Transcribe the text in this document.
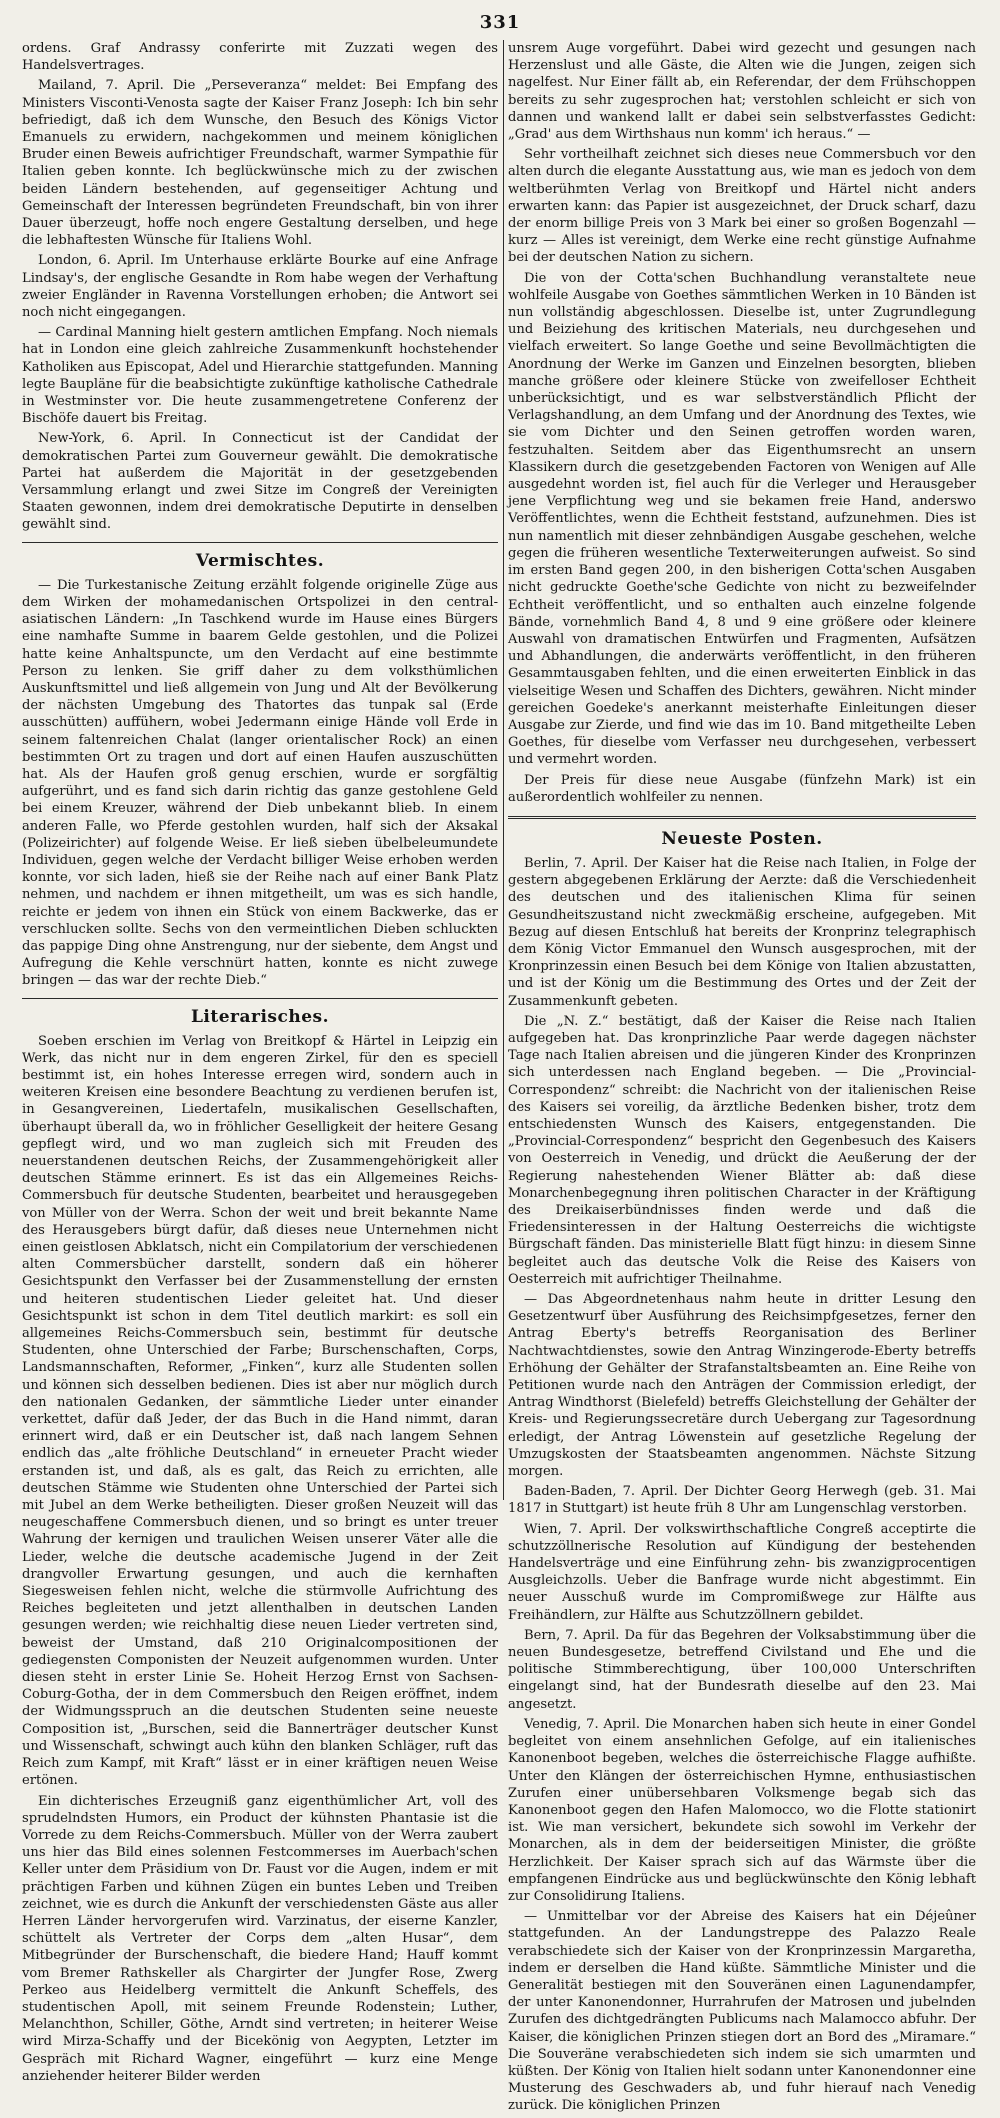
331

ordens. Graf Andrassy conferirte mit Zuzzati wegen des Handelsvertrages.

Mailand, 7. April. Die „Perseveranza“ meldet: Bei Empfang des Ministers Visconti-Venosta sagte der Kaiser Franz Joseph: Ich bin sehr befriedigt, daß ich dem Wunsche, den Besuch des Königs Victor Emanuels zu erwidern, nachgekommen und meinem königlichen Bruder einen Beweis aufrichtiger Freundschaft, warmer Sympathie für Italien geben konnte. Ich beglückwünsche mich zu der zwischen beiden Ländern bestehenden, auf gegenseitiger Achtung und Gemeinschaft der Interessen begründeten Freundschaft, bin von ihrer Dauer überzeugt, hoffe noch engere Gestaltung derselben, und hege die lebhaftesten Wünsche für Italiens Wohl.

London, 6. April. Im Unterhause erklärte Bourke auf eine Anfrage Lindsay's, der englische Gesandte in Rom habe wegen der Verhaftung zweier Engländer in Ravenna Vorstellungen erhoben; die Antwort sei noch nicht eingegangen.

— Cardinal Manning hielt gestern amtlichen Empfang. Noch niemals hat in London eine gleich zahlreiche Zusammenkunft hochstehender Katholiken aus Episcopat, Adel und Hierarchie stattgefunden. Manning legte Baupläne für die beabsichtigte zukünftige katholische Cathedrale in Westminster vor. Die heute zusammengetretene Conferenz der Bischöfe dauert bis Freitag.

New-York, 6. April. In Connecticut ist der Candidat der demokratischen Partei zum Gouverneur gewählt. Die demokratische Partei hat außerdem die Majorität in der gesetzgebenden Versammlung erlangt und zwei Sitze im Congreß der Vereinigten Staaten gewonnen, indem drei demokratische Deputirte in denselben gewählt sind.

Vermischtes.

— Die Turkestanische Zeitung erzählt folgende originelle Züge aus dem Wirken der mohamedanischen Ortspolizei in den central-asiatischen Ländern: „In Taschkend wurde im Hause eines Bürgers eine namhafte Summe in baarem Gelde gestohlen, und die Polizei hatte keine Anhaltspuncte, um den Verdacht auf eine bestimmte Person zu lenken. Sie griff daher zu dem volksthümlichen Auskunftsmittel und ließ allgemein von Jung und Alt der Bevölkerung der nächsten Umgebung des Thatortes das tunpak sal (Erde ausschütten) auffühern, wobei Jedermann einige Hände voll Erde in seinem faltenreichen Chalat (langer orientalischer Rock) an einen bestimmten Ort zu tragen und dort auf einen Haufen auszuschütten hat. Als der Haufen groß genug erschien, wurde er sorgfältig aufgerührt, und es fand sich darin richtig das ganze gestohlene Geld bei einem Kreuzer, während der Dieb unbekannt blieb. In einem anderen Falle, wo Pferde gestohlen wurden, half sich der Aksakal (Polizeirichter) auf folgende Weise. Er ließ sieben übelbeleumundete Individuen, gegen welche der Verdacht billiger Weise erhoben werden konnte, vor sich laden, hieß sie der Reihe nach auf einer Bank Platz nehmen, und nachdem er ihnen mitgetheilt, um was es sich handle, reichte er jedem von ihnen ein Stück von einem Backwerke, das er verschlucken sollte. Sechs von den vermeintlichen Dieben schluckten das pappige Ding ohne Anstrengung, nur der siebente, dem Angst und Aufregung die Kehle verschnürt hatten, konnte es nicht zuwege bringen — das war der rechte Dieb.“

Literarisches.

Soeben erschien im Verlag von Breitkopf & Härtel in Leipzig ein Werk, das nicht nur in dem engeren Zirkel, für den es speciell bestimmt ist, ein hohes Interesse erregen wird, sondern auch in weiteren Kreisen eine besondere Beachtung zu verdienen berufen ist, in Gesangvereinen, Liedertafeln, musikalischen Gesellschaften, überhaupt überall da, wo in fröhlicher Geselligkeit der heitere Gesang gepflegt wird, und wo man zugleich sich mit Freuden des neuerstandenen deutschen Reichs, der Zusammengehörigkeit aller deutschen Stämme erinnert. Es ist das ein Allgemeines Reichs-Commersbuch für deutsche Studenten, bearbeitet und herausgegeben von Müller von der Werra. Schon der weit und breit bekannte Name des Herausgebers bürgt dafür, daß dieses neue Unternehmen nicht einen geistlosen Abklatsch, nicht ein Compilatorium der verschiedenen alten Commersbücher darstellt, sondern daß ein höherer Gesichtspunkt den Verfasser bei der Zusammenstellung der ernsten und heiteren studentischen Lieder geleitet hat. Und dieser Gesichtspunkt ist schon in dem Titel deutlich markirt: es soll ein allgemeines Reichs-Commersbuch sein, bestimmt für deutsche Studenten, ohne Unterschied der Farbe; Burschenschaften, Corps, Landsmannschaften, Reformer, „Finken“, kurz alle Studenten sollen und können sich desselben bedienen. Dies ist aber nur möglich durch den nationalen Gedanken, der sämmtliche Lieder unter einander verkettet, dafür daß Jeder, der das Buch in die Hand nimmt, daran erinnert wird, daß er ein Deutscher ist, daß nach langem Sehnen endlich das „alte fröhliche Deutschland“ in erneueter Pracht wieder erstanden ist, und daß, als es galt, das Reich zu errichten, alle deutschen Stämme wie Studenten ohne Unterschied der Partei sich mit Jubel an dem Werke betheiligten. Dieser großen Neuzeit will das neugeschaffene Commersbuch dienen, und so bringt es unter treuer Wahrung der kernigen und traulichen Weisen unserer Väter alle die Lieder, welche die deutsche academische Jugend in der Zeit drangvoller Erwartung gesungen, und auch die kernhaften Siegesweisen fehlen nicht, welche die stürmvolle Aufrichtung des Reiches begleiteten und jetzt allenthalben in deutschen Landen gesungen werden; wie reichhaltig diese neuen Lieder vertreten sind, beweist der Umstand, daß 210 Originalcompositionen der gediegensten Componisten der Neuzeit aufgenommen wurden. Unter diesen steht in erster Linie Se. Hoheit Herzog Ernst von Sachsen-Coburg-Gotha, der in dem Commersbuch den Reigen eröffnet, indem der Widmungsspruch an die deutschen Studenten seine neueste Composition ist, „Burschen, seid die Bannerträger deutscher Kunst und Wissenschaft, schwingt auch kühn den blanken Schläger, ruft das Reich zum Kampf, mit Kraft“ lässt er in einer kräftigen neuen Weise ertönen.

Ein dichterisches Erzeugniß ganz eigenthümlicher Art, voll des sprudelndsten Humors, ein Product der kühnsten Phantasie ist die Vorrede zu dem Reichs-Commersbuch. Müller von der Werra zaubert uns hier das Bild eines solennen Festcommerses im Auerbach'schen Keller unter dem Präsidium von Dr. Faust vor die Augen, indem er mit prächtigen Farben und kühnen Zügen ein buntes Leben und Treiben zeichnet, wie es durch die Ankunft der verschiedensten Gäste aus aller Herren Länder hervorgerufen wird. Varzinatus, der eiserne Kanzler, schüttelt als Vertreter der Corps dem „alten Husar“, dem Mitbegründer der Burschenschaft, die biedere Hand; Hauff kommt vom Bremer Rathskeller als Chargirter der Jungfer Rose, Zwerg Perkeo aus Heidelberg vermittelt die Ankunft Scheffels, des studentischen Apoll, mit seinem Freunde Rodenstein; Luther, Melanchthon, Schiller, Göthe, Arndt sind vertreten; in heiterer Weise wird Mirza-Schaffy und der Bicekönig von Aegypten, Letzter im Gespräch mit Richard Wagner, eingeführt — kurz eine Menge anziehender heiterer Bilder werden

unsrem Auge vorgeführt. Dabei wird gezecht und gesungen nach Herzenslust und alle Gäste, die Alten wie die Jungen, zeigen sich nagelfest. Nur Einer fällt ab, ein Referendar, der dem Frühschoppen bereits zu sehr zugesprochen hat; verstohlen schleicht er sich von dannen und wankend lallt er dabei sein selbstverfasstes Gedicht: „Grad' aus dem Wirthshaus nun komm' ich heraus.“ —

Sehr vortheilhaft zeichnet sich dieses neue Commersbuch vor den alten durch die elegante Ausstattung aus, wie man es jedoch von dem weltberühmten Verlag von Breitkopf und Härtel nicht anders erwarten kann: das Papier ist ausgezeichnet, der Druck scharf, dazu der enorm billige Preis von 3 Mark bei einer so großen Bogenzahl — kurz — Alles ist vereinigt, dem Werke eine recht günstige Aufnahme bei der deutschen Nation zu sichern.

Die von der Cotta'schen Buchhandlung veranstaltete neue wohlfeile Ausgabe von Goethes sämmtlichen Werken in 10 Bänden ist nun vollständig abgeschlossen. Dieselbe ist, unter Zugrundlegung und Beiziehung des kritischen Materials, neu durchgesehen und vielfach erweitert. So lange Goethe und seine Bevollmächtigten die Anordnung der Werke im Ganzen und Einzelnen besorgten, blieben manche größere oder kleinere Stücke von zweifelloser Echtheit unberücksichtigt, und es war selbstverständlich Pflicht der Verlagshandlung, an dem Umfang und der Anordnung des Textes, wie sie vom Dichter und den Seinen getroffen worden waren, festzuhalten. Seitdem aber das Eigenthumsrecht an unsern Klassikern durch die gesetzgebenden Factoren von Wenigen auf Alle ausgedehnt worden ist, fiel auch für die Verleger und Herausgeber jene Verpflichtung weg und sie bekamen freie Hand, anderswo Veröffentlichtes, wenn die Echtheit feststand, aufzunehmen. Dies ist nun namentlich mit dieser zehnbändigen Ausgabe geschehen, welche gegen die früheren wesentliche Texterweiterungen aufweist. So sind im ersten Band gegen 200, in den bisherigen Cotta'schen Ausgaben nicht gedruckte Goethe'sche Gedichte von nicht zu bezweifelnder Echtheit veröffentlicht, und so enthalten auch einzelne folgende Bände, vornehmlich Band 4, 8 und 9 eine größere oder kleinere Auswahl von dramatischen Entwürfen und Fragmenten, Aufsätzen und Abhandlungen, die anderwärts veröffentlicht, in den früheren Gesammtausgaben fehlten, und die einen erweiterten Einblick in das vielseitige Wesen und Schaffen des Dichters, gewähren. Nicht minder gereichen Goedeke's anerkannt meisterhafte Einleitungen dieser Ausgabe zur Zierde, und find wie das im 10. Band mitgetheilte Leben Goethes, für dieselbe vom Verfasser neu durchgesehen, verbessert und vermehrt worden.

Der Preis für diese neue Ausgabe (fünfzehn Mark) ist ein außerordentlich wohlfeiler zu nennen.

Neueste Posten.

Berlin, 7. April. Der Kaiser hat die Reise nach Italien, in Folge der gestern abgegebenen Erklärung der Aerzte: daß die Verschiedenheit des deutschen und des italienischen Klima für seinen Gesundheitszustand nicht zweckmäßig erscheine, aufgegeben. Mit Bezug auf diesen Entschluß hat bereits der Kronprinz telegraphisch dem König Victor Emmanuel den Wunsch ausgesprochen, mit der Kronprinzessin einen Besuch bei dem Könige von Italien abzustatten, und ist der König um die Bestimmung des Ortes und der Zeit der Zusammenkunft gebeten.

Die „N. Z.“ bestätigt, daß der Kaiser die Reise nach Italien aufgegeben hat. Das kronprinzliche Paar werde dagegen nächster Tage nach Italien abreisen und die jüngeren Kinder des Kronprinzen sich unterdessen nach England begeben. — Die „Provincial-Correspondenz“ schreibt: die Nachricht von der italienischen Reise des Kaisers sei voreilig, da ärztliche Bedenken bisher, trotz dem entschiedensten Wunsch des Kaisers, entgegenstanden. Die „Provincial-Correspondenz“ bespricht den Gegenbesuch des Kaisers von Oesterreich in Venedig, und drückt die Aeußerung der der Regierung nahestehenden Wiener Blätter ab: daß diese Monarchenbegegnung ihren politischen Character in der Kräftigung des Dreikaiserbündnisses finden werde und daß die Friedensinteressen in der Haltung Oesterreichs die wichtigste Bürgschaft fänden. Das ministerielle Blatt fügt hinzu: in diesem Sinne begleitet auch das deutsche Volk die Reise des Kaisers von Oesterreich mit aufrichtiger Theilnahme.

— Das Abgeordnetenhaus nahm heute in dritter Lesung den Gesetzentwurf über Ausführung des Reichsimpfgesetzes, ferner den Antrag Eberty's betreffs Reorganisation des Berliner Nachtwachtdienstes, sowie den Antrag Winzingerode-Eberty betreffs Erhöhung der Gehälter der Strafanstaltsbeamten an. Eine Reihe von Petitionen wurde nach den Anträgen der Commission erledigt, der Antrag Windthorst (Bielefeld) betreffs Gleichstellung der Gehälter der Kreis- und Regierungssecretäre durch Uebergang zur Tagesordnung erledigt, der Antrag Löwenstein auf gesetzliche Regelung der Umzugskosten der Staatsbeamten angenommen. Nächste Sitzung morgen.

Baden-Baden, 7. April. Der Dichter Georg Herwegh (geb. 31. Mai 1817 in Stuttgart) ist heute früh 8 Uhr am Lungenschlag verstorben.

Wien, 7. April. Der volkswirthschaftliche Congreß acceptirte die schutzzöllnerische Resolution auf Kündigung der bestehenden Handelsverträge und eine Einführung zehn- bis zwanzigprocentigen Ausgleichzolls. Ueber die Banfrage wurde nicht abgestimmt. Ein neuer Ausschuß wurde im Compromißwege zur Hälfte aus Freihändlern, zur Hälfte aus Schutzzöllnern gebildet.

Bern, 7. April. Da für das Begehren der Volksabstimmung über die neuen Bundesgesetze, betreffend Civilstand und Ehe und die politische Stimmberechtigung, über 100,000 Unterschriften eingelangt sind, hat der Bundesrath dieselbe auf den 23. Mai angesetzt.

Venedig, 7. April. Die Monarchen haben sich heute in einer Gondel begleitet von einem ansehnlichen Gefolge, auf ein italienisches Kanonenboot begeben, welches die österreichische Flagge aufhißte. Unter den Klängen der österreichischen Hymne, enthusiastischen Zurufen einer unübersehbaren Volksmenge begab sich das Kanonenboot gegen den Hafen Malomocco, wo die Flotte stationirt ist. Wie man versichert, bekundete sich sowohl im Verkehr der Monarchen, als in dem der beiderseitigen Minister, die größte Herzlichkeit. Der Kaiser sprach sich auf das Wärmste über die empfangenen Eindrücke aus und beglückwünschte den König lebhaft zur Consolidirung Italiens.

— Unmittelbar vor der Abreise des Kaisers hat ein Déjeûner stattgefunden. An der Landungstreppe des Palazzo Reale verabschiedete sich der Kaiser von der Kronprinzessin Margaretha, indem er derselben die Hand küßte. Sämmtliche Minister und die Generalität bestiegen mit den Souveränen einen Lagunendampfer, der unter Kanonendonner, Hurrahrufen der Matrosen und jubelnden Zurufen des dichtgedrängten Publicums nach Malamocco abfuhr. Der Kaiser, die königlichen Prinzen stiegen dort an Bord des „Miramare.“ Die Souveräne verabschiedeten sich indem sie sich umarmten und küßten. Der König von Italien hielt sodann unter Kanonendonner eine Musterung des Geschwaders ab, und fuhr hierauf nach Venedig zurück. Die königlichen Prinzen
